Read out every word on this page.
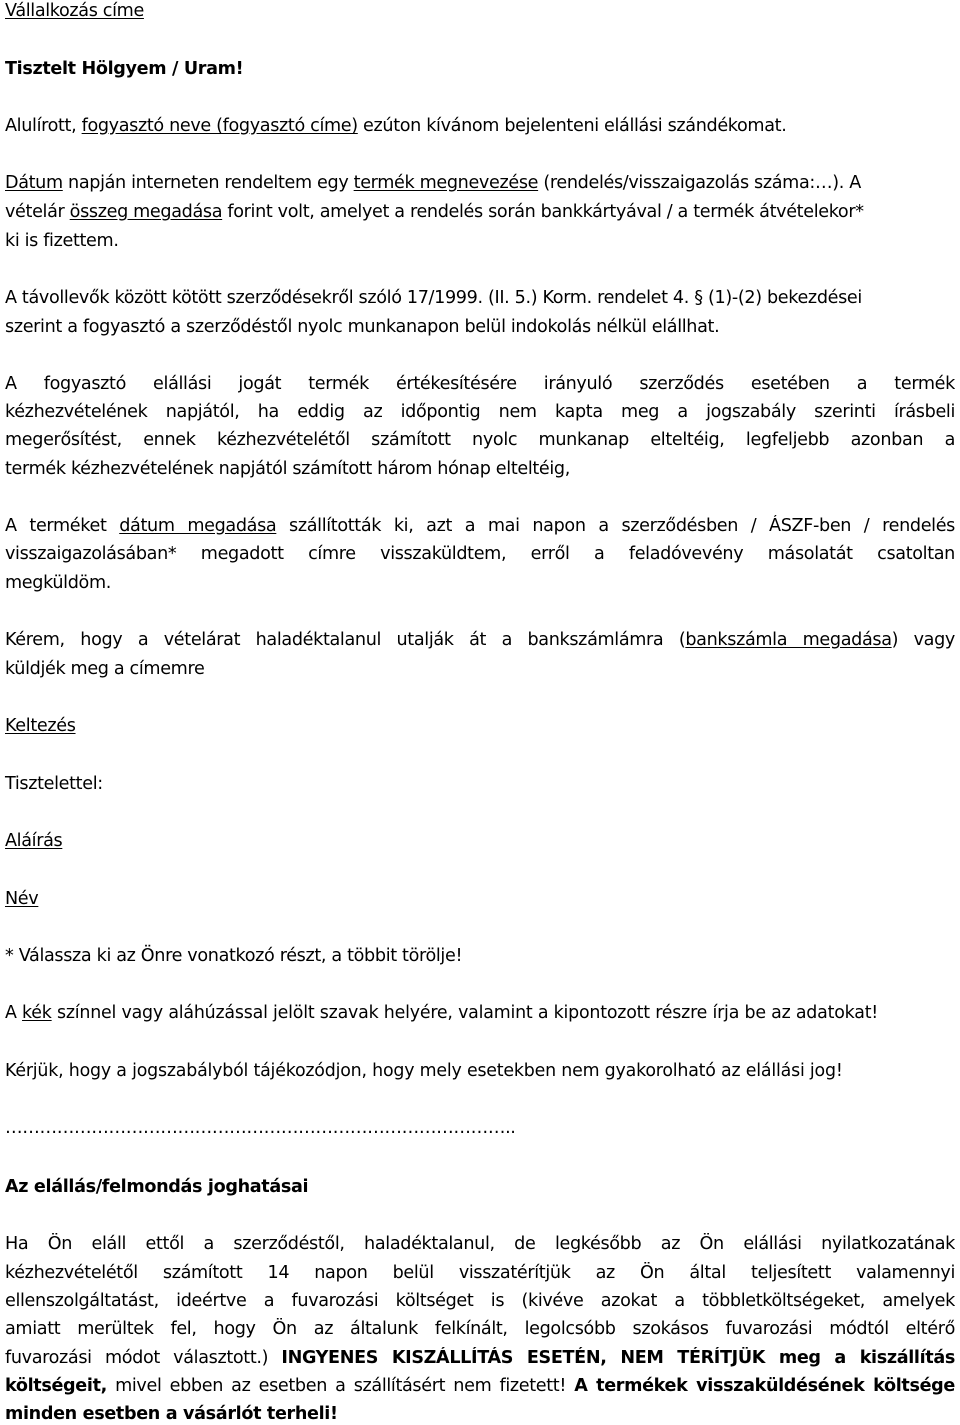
Vállalkozás címe
Tisztelt Hölgyem / Uram!
Alulírott, fogyasztó neve (fogyasztó címe) ezúton kívánom bejelenteni elállási szándékomat.
Dátum napján interneten rendeltem egy termék megnevezése (rendelés/visszaigazolás száma:…). A
vételár összeg megadása forint volt, amelyet a rendelés során bankkártyával / a termék átvételekor*
ki is fizettem.
A távollevők között kötött szerződésekről szóló 17/1999. (II. 5.) Korm. rendelet 4. § (1)-(2) bekezdései
szerint a fogyasztó a szerződéstől nyolc munkanapon belül indokolás nélkül elállhat.
A fogyasztó elállási jogát termék értékesítésére irányuló szerződés esetében a termék
kézhezvételének napjától, ha eddig az időpontig nem kapta meg a jogszabály szerinti írásbeli
megerősítést, ennek kézhezvételétől számított nyolc munkanap elteltéig, legfeljebb azonban a
termék kézhezvételének napjától számított három hónap elteltéig,
A terméket dátum megadása szállították ki, azt a mai napon a szerződésben / ÁSZF-ben / rendelés
visszaigazolásában* megadott címre visszaküldtem, erről a feladóvevény másolatát csatoltan
megküldöm.
Kérem, hogy a vételárat haladéktalanul utalják át a bankszámlámra (bankszámla megadása) vagy
küldjék meg a címemre
Keltezés
Tisztelettel:
Aláírás
Név
* Válassza ki az Önre vonatkozó részt, a többit törölje!
A kék színnel vagy aláhúzással jelölt szavak helyére, valamint a kipontozott részre írja be az adatokat!
Kérjük, hogy a jogszabályból tájékozódjon, hogy mely esetekben nem gyakorolható az elállási jog!
……………………………………………………………………………..
Az elállás/felmondás joghatásai
Ha Ön eláll ettől a szerződéstől, haladéktalanul, de legkésőbb az Ön elállási nyilatkozatának
kézhezvételétől számított 14 napon belül visszatérítjük az Ön által teljesített valamennyi
ellenszolgáltatást, ideértve a fuvarozási költséget is (kivéve azokat a többletköltségeket, amelyek
amiatt merültek fel, hogy Ön az általunk felkínált, legolcsóbb szokásos fuvarozási módtól eltérő
fuvarozási módot választott.) INGYENES KISZÁLLÍTÁS ESETÉN, NEM TÉRÍTJÜK meg a kiszállítás
költségeit, mivel ebben az esetben a szállításért nem fizetett! A termékek visszaküldésének költsége
minden esetben a vásárlót terheli!
